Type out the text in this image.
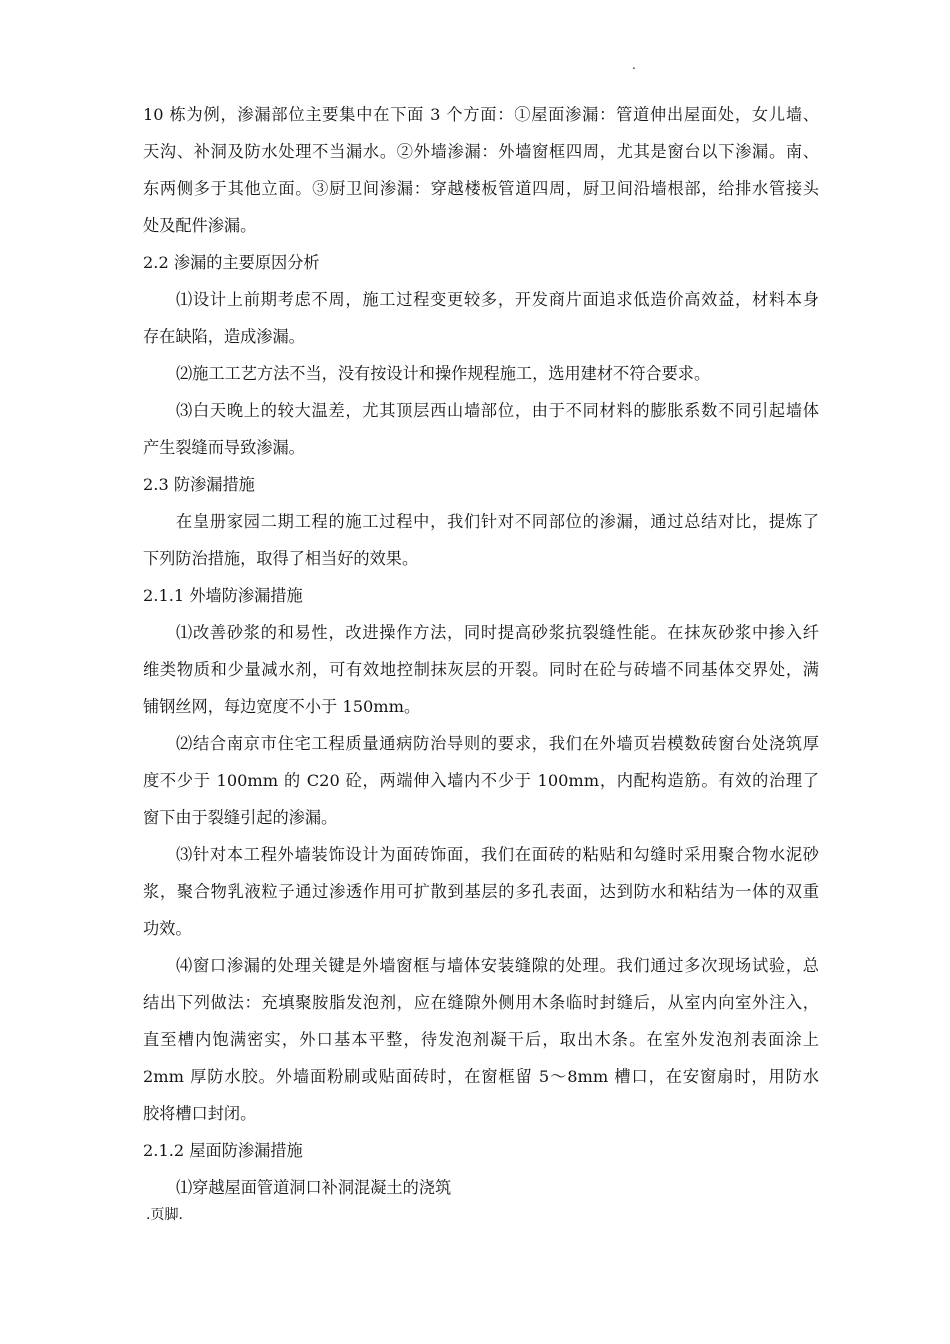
.
10 栋为例，渗漏部位主要集中在下面 3 个方面：①屋面渗漏：管道伸出屋面处，女儿墙、
天沟、补洞及防水处理不当漏水。②外墙渗漏：外墙窗框四周，尤其是窗台以下渗漏。南、
东两侧多于其他立面。③厨卫间渗漏：穿越楼板管道四周，厨卫间沿墙根部，给排水管接头
处及配件渗漏。
2.2 渗漏的主要原因分析
⑴设计上前期考虑不周，施工过程变更较多，开发商片面追求低造价高效益，材料本身
存在缺陷，造成渗漏。
⑵施工工艺方法不当，没有按设计和操作规程施工，选用建材不符合要求。
⑶白天晚上的较大温差，尤其顶层西山墙部位，由于不同材料的膨胀系数不同引起墙体
产生裂缝而导致渗漏。
2.3 防渗漏措施
在皇册家园二期工程的施工过程中，我们针对不同部位的渗漏，通过总结对比，提炼了
下列防治措施，取得了相当好的效果。
2.1.1 外墙防渗漏措施
⑴改善砂浆的和易性，改进操作方法，同时提高砂浆抗裂缝性能。在抹灰砂浆中掺入纤
维类物质和少量减水剂，可有效地控制抹灰层的开裂。同时在砼与砖墙不同基体交界处，满
铺钢丝网，每边宽度不小于 150mm。
⑵结合南京市住宅工程质量通病防治导则的要求，我们在外墙页岩模数砖窗台处浇筑厚
度不少于 100mm 的 C20 砼，两端伸入墙内不少于 100mm，内配构造筋。有效的治理了
窗下由于裂缝引起的渗漏。
⑶针对本工程外墙装饰设计为面砖饰面，我们在面砖的粘贴和勾缝时采用聚合物水泥砂
浆，聚合物乳液粒子通过渗透作用可扩散到基层的多孔表面，达到防水和粘结为一体的双重
功效。
⑷窗口渗漏的处理关键是外墙窗框与墙体安装缝隙的处理。我们通过多次现场试验，总
结出下列做法：充填聚胺脂发泡剂，应在缝隙外侧用木条临时封缝后，从室内向室外注入，
直至槽内饱满密实，外口基本平整，待发泡剂凝干后，取出木条。在室外发泡剂表面涂上
2mm 厚防水胶。外墙面粉刷或贴面砖时，在窗框留 5～8mm 槽口，在安窗扇时，用防水
胶将槽口封闭。
2.1.2 屋面防渗漏措施
⑴穿越屋面管道洞口补洞混凝土的浇筑
.页脚.
